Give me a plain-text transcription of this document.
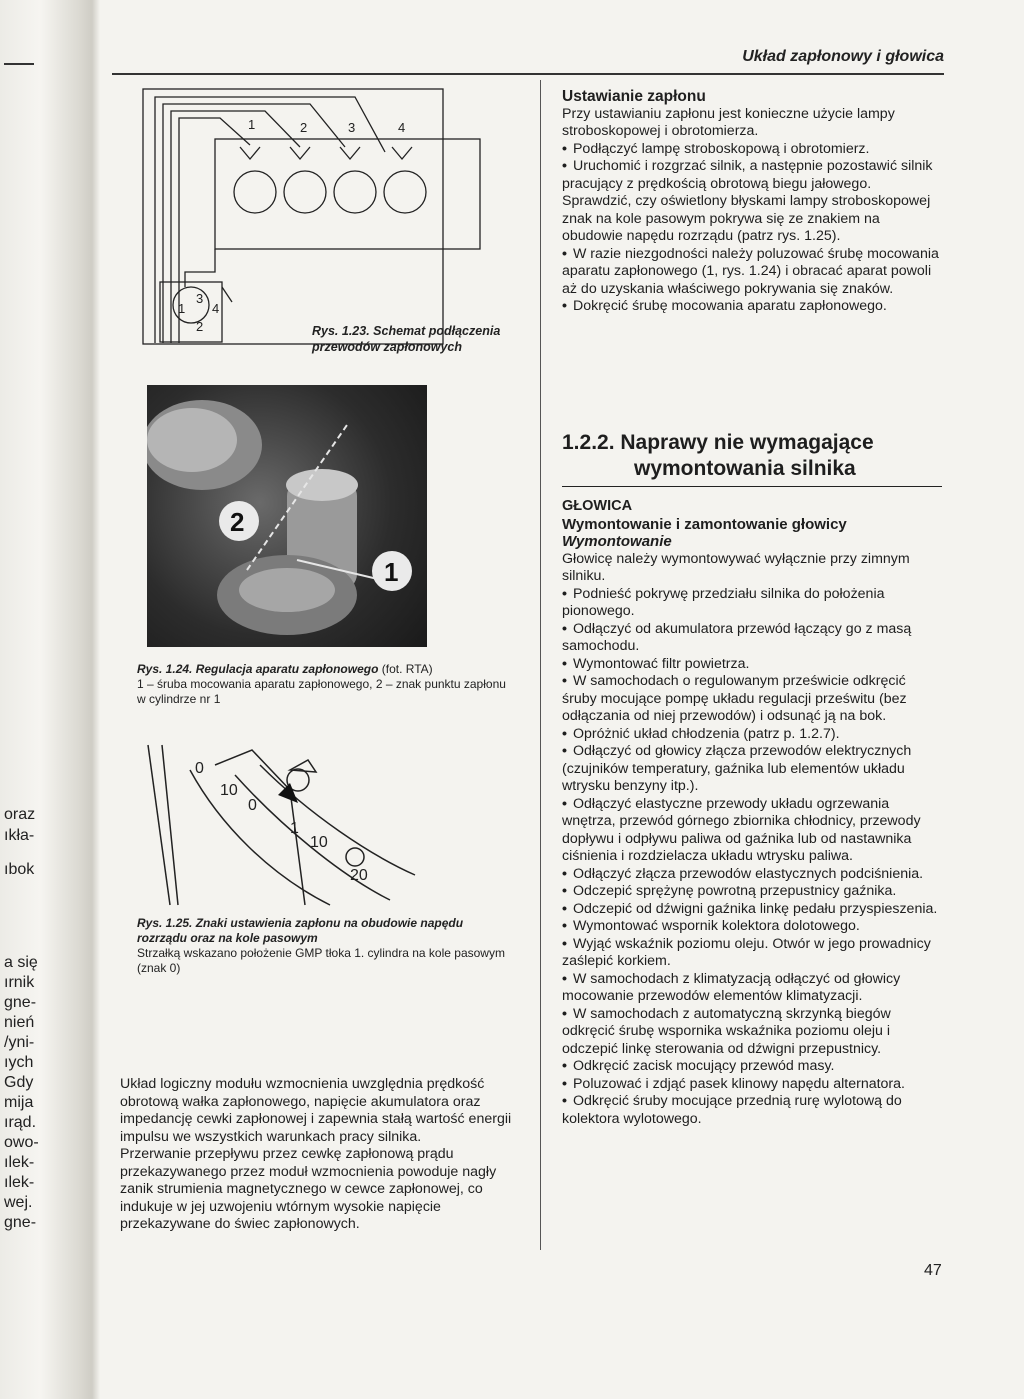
oraz
ıkła-
ıbok
a się
ırnik
gne-
nień
/yni-
ıych
Gdy
mija
ırąd.
owo-
ılek-
ılek-
wej.
gne-
Układ zapłonowy i głowica
1	2	3	4
3
1 4
2	Rys. 1.23. Schemat podłączenia przewodów zapłonowych
2
1
Rys. 1.24. Regulacja aparatu zapłonowego (fot. RTA)
1 – śruba mocowania aparatu zapłonowego, 2 – znak punktu zapłonu w cylindrze nr 1
0
10
0
1
10
20
Rys. 1.25. Znaki ustawienia zapłonu na obudowie napędu rozrządu oraz na kole pasowym
Strzałką wskazano położenie GMP tłoka 1. cylindra na kole pasowym (znak 0)

Układ logiczny modułu wzmocnienia uwzględnia prędkość obrotową wałka zapłonowego, napięcie akumulatora oraz impedancję cewki zapłonowej i zapewnia stałą wartość energii impulsu we wszystkich warunkach pracy silnika.

Przerwanie przepływu przez cewkę zapłonową prądu przekazywanego przez moduł wzmocnienia powoduje nagły zanik strumienia magnetycznego w cewce zapłonowej, co indukuje w jej uzwojeniu wtórnym wysokie napięcie przekazywane do świec zapłonowych.

Ustawianie zapłonu

Przy ustawianiu zapłonu jest konieczne użycie lampy stroboskopowej i obrotomierza.

• Podłączyć lampę stroboskopową i obrotomierz.

• Uruchomić i rozgrzać silnik, a następnie pozostawić silnik pracujący z prędkością obrotową biegu jałowego. Sprawdzić, czy oświetlony błyskami lampy stroboskopowej znak na kole pasowym pokrywa się ze znakiem na obudowie napędu rozrządu (patrz rys. 1.25).

• W razie niezgodności należy poluzować śrubę mocowania aparatu zapłonowego (1, rys. 1.24) i obracać aparat powoli aż do uzyskania właściwego pokrywania się znaków.

• Dokręcić śrubę mocowania aparatu zapłonowego.

1.2.2. Naprawy nie wymagające

wymontowania silnika

GŁOWICA

Wymontowanie i zamontowanie głowicy

Wymontowanie

Głowicę należy wymontowywać wyłącznie przy zimnym silniku.

• Podnieść pokrywę przedziału silnika do położenia pionowego.

• Odłączyć od akumulatora przewód łączący go z masą samochodu.

• Wymontować filtr powietrza.

• W samochodach o regulowanym prześwicie odkręcić śruby mocujące pompę układu regulacji prześwitu (bez odłączania od niej przewodów) i odsunąć ją na bok.

• Opróżnić układ chłodzenia (patrz p. 1.2.7).

• Odłączyć od głowicy złącza przewodów elektrycznych (czujników temperatury, gaźnika lub elementów układu wtrysku benzyny itp.).

• Odłączyć elastyczne przewody układu ogrzewania wnętrza, przewód górnego zbiornika chłodnicy, przewody dopływu i odpływu paliwa od gaźnika lub od nastawnika ciśnienia i rozdzielacza układu wtrysku paliwa.

• Odłączyć złącza przewodów elastycznych podciśnienia.

• Odczepić sprężynę powrotną przepustnicy gaźnika.

• Odczepić od dźwigni gaźnika linkę pedału przyspieszenia.

• Wymontować wspornik kolektora dolotowego.

• Wyjąć wskaźnik poziomu oleju. Otwór w jego prowadnicy zaślepić korkiem.

• W samochodach z klimatyzacją odłączyć od głowicy mocowanie przewodów elementów klimatyzacji.

• W samochodach z automatyczną skrzynką biegów odkręcić śrubę wspornika wskaźnika poziomu oleju i odczepić linkę sterowania od dźwigni przepustnicy.

• Odkręcić zacisk mocujący przewód masy.

• Poluzować i zdjąć pasek klinowy napędu alternatora.

• Odkręcić śruby mocujące przednią rurę wylotową do kolektora wylotowego.

47
